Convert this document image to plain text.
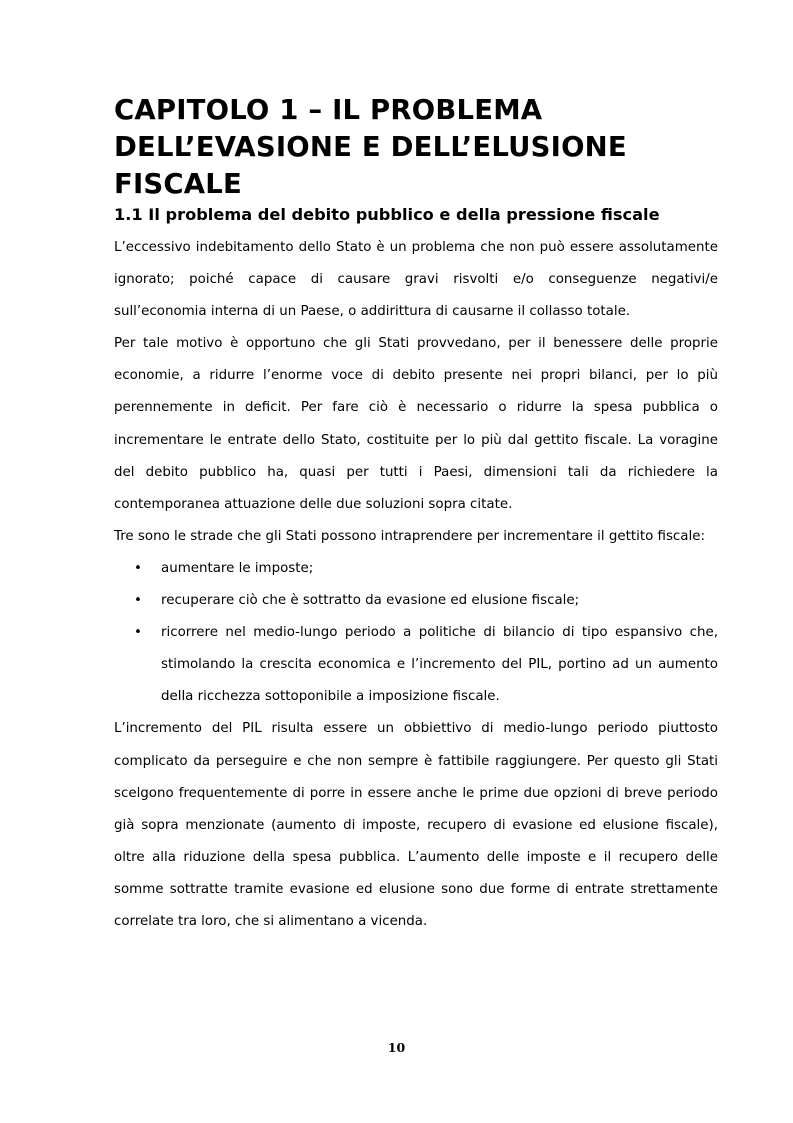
CAPITOLO 1 – IL PROBLEMA
DELL’EVASIONE E DELL’ELUSIONE
FISCALE
1.1 Il problema del debito pubblico e della pressione fiscale

L’eccessivo indebitamento dello Stato è un problema che non può essere assolutamente ignorato; poiché capace di causare gravi risvolti e/o conseguenze negativi/e sull’economia interna di un Paese, o addirittura di causarne il collasso totale.

Per tale motivo è opportuno che gli Stati provvedano, per il benessere delle proprie economie, a ridurre l’enorme voce di debito presente nei propri bilanci, per lo più perennemente in deficit. Per fare ciò è necessario o ridurre la spesa pubblica o incrementare le entrate dello Stato, costituite per lo più dal gettito fiscale. La voragine del debito pubblico ha, quasi per tutti i Paesi, dimensioni tali da richiedere la contemporanea attuazione delle due soluzioni sopra citate.

Tre sono le strade che gli Stati possono intraprendere per incrementare il gettito fiscale:

• aumentare le imposte;
• recuperare ciò che è sottratto da evasione ed elusione fiscale;
• ricorrere nel medio-lungo periodo a politiche di bilancio di tipo espansivo che, stimolando la crescita economica e l’incremento del PIL, portino ad un aumento della ricchezza sottoponibile a imposizione fiscale.

L’incremento del PIL risulta essere un obbiettivo di medio-lungo periodo piuttosto complicato da perseguire e che non sempre è fattibile raggiungere. Per questo gli Stati scelgono frequentemente di porre in essere anche le prime due opzioni di breve periodo già sopra menzionate (aumento di imposte, recupero di evasione ed elusione fiscale), oltre alla riduzione della spesa pubblica. L’aumento delle imposte e il recupero delle somme sottratte tramite evasione ed elusione sono due forme di entrate strettamente correlate tra loro, che si alimentano a vicenda.

10
